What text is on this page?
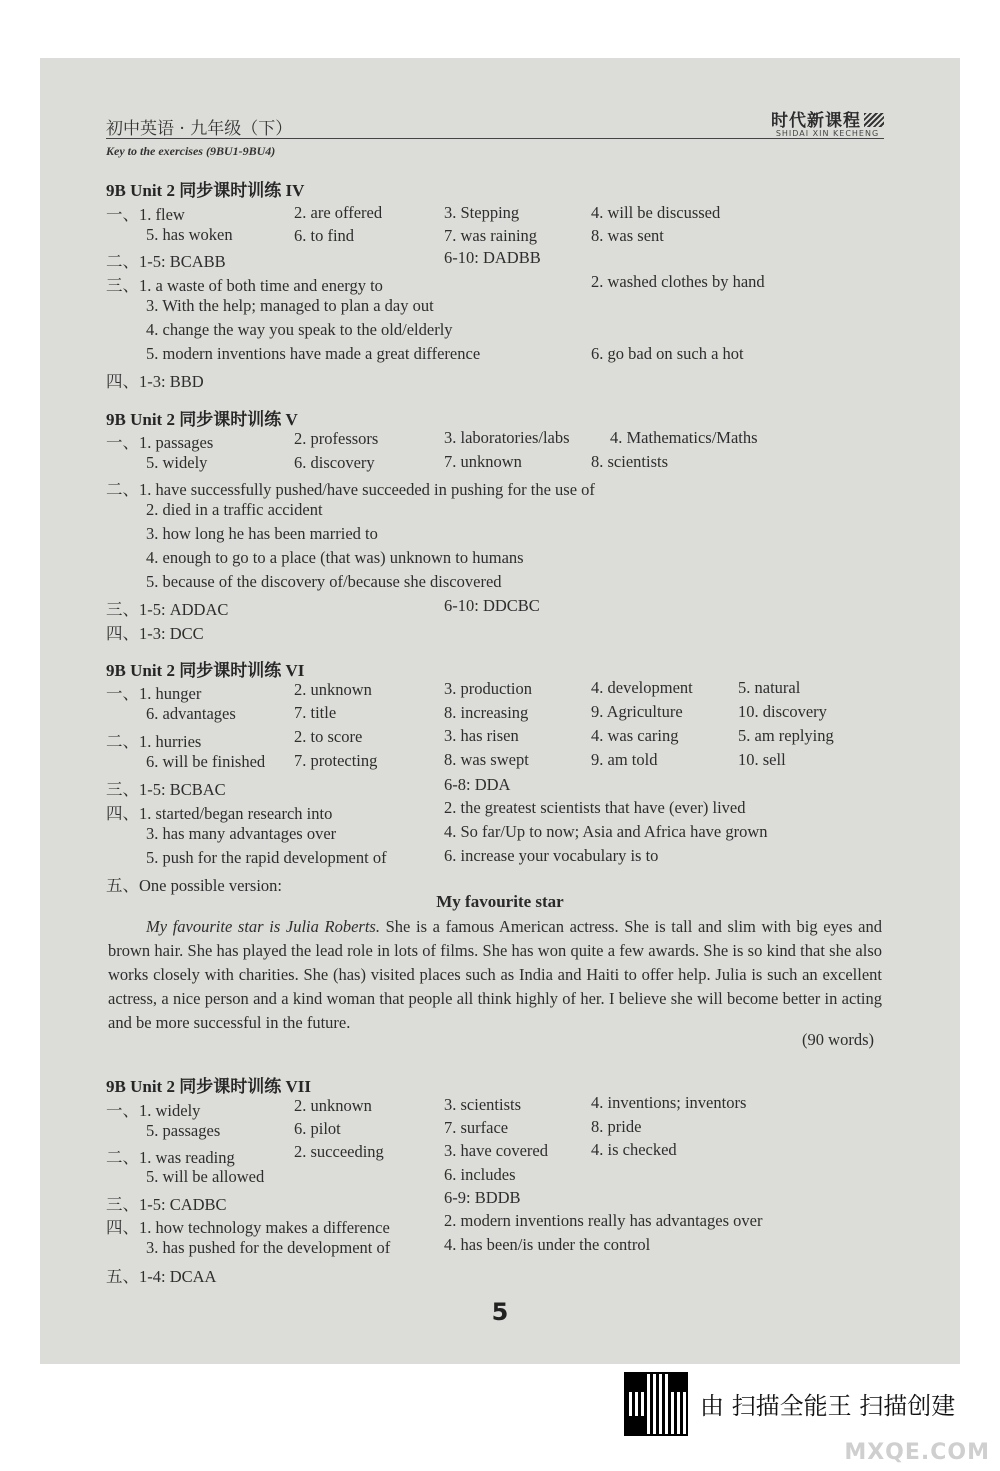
初中英语 · 九年级（下）	时代新课程
SHIDAI XIN KECHENG
Key to the exercises (9BU1-9BU4)
9B Unit 2 同步课时训练 IV
一、1. flew	2. are offered	3. Stepping	4. will be discussed
5. has woken	6. to find	7. was raining	8. was sent
二、1-5: BCABB	6-10: DADBB
三、1. a waste of both time and energy to	2. washed clothes by hand
3. With the help; managed to plan a day out
4. change the way you speak to the old/elderly
5. modern inventions have made a great difference	6. go bad on such a hot
四、1-3: BBD
9B Unit 2 同步课时训练 V
一、1. passages	2. professors	3. laboratories/labs 4. Mathematics/Maths
5. widely	6. discovery	7. unknown	8. scientists
二、1. have successfully pushed/have succeeded in pushing for the use of
2. died in a traffic accident
3. how long he has been married to
4. enough to go to a place (that was) unknown to humans
5. because of the discovery of/because she discovered
三、1-5: ADDAC	6-10: DDCBC
四、1-3: DCC
9B Unit 2 同步课时训练 VI
一、1. hunger	2. unknown	3. production	4. development	5. natural
6. advantages	7. title	8. increasing	9. Agriculture	10. discovery
二、1. hurries	2. to score	3. has risen	4. was caring	5. am replying
6. will be finished 7. protecting	8. was swept	9. am told	10. sell
三、1-5: BCBAC	6-8: DDA
四、1. started/began research into	2. the greatest scientists that have (ever) lived
3. has many advantages over	4. So far/Up to now; Asia and Africa have grown
5. push for the rapid development of	6. increase your vocabulary is to
五、One possible version:
My favourite star

My favourite star is Julia Roberts. She is a famous American actress. She is tall and slim with big eyes and brown hair. She has played the lead role in lots of films. She has won quite a few awards. She is so kind that she also works closely with charities. She (has) visited places such as India and Haiti to offer help. Julia is such an excellent actress, a nice person and a kind woman that people all think highly of her. I believe she will become better in acting and be more successful in the future.

(90 words)
9B Unit 2 同步课时训练 VII
一、1. widely	2. unknown	3. scientists	4. inventions; inventors
5. passages	6. pilot	7. surface	8. pride
二、1. was reading	2. succeeding	3. have covered	4. is checked
5. will be allowed	6. includes
三、1-5: CADBC	6-9: BDDB
四、1. how technology makes a difference	2. modern inventions really has advantages over
3. has pushed for the development of	4. has been/is under the control
五、1-4: DCAA
5
由 扫描全能王 扫描创建
MXQE.COM
